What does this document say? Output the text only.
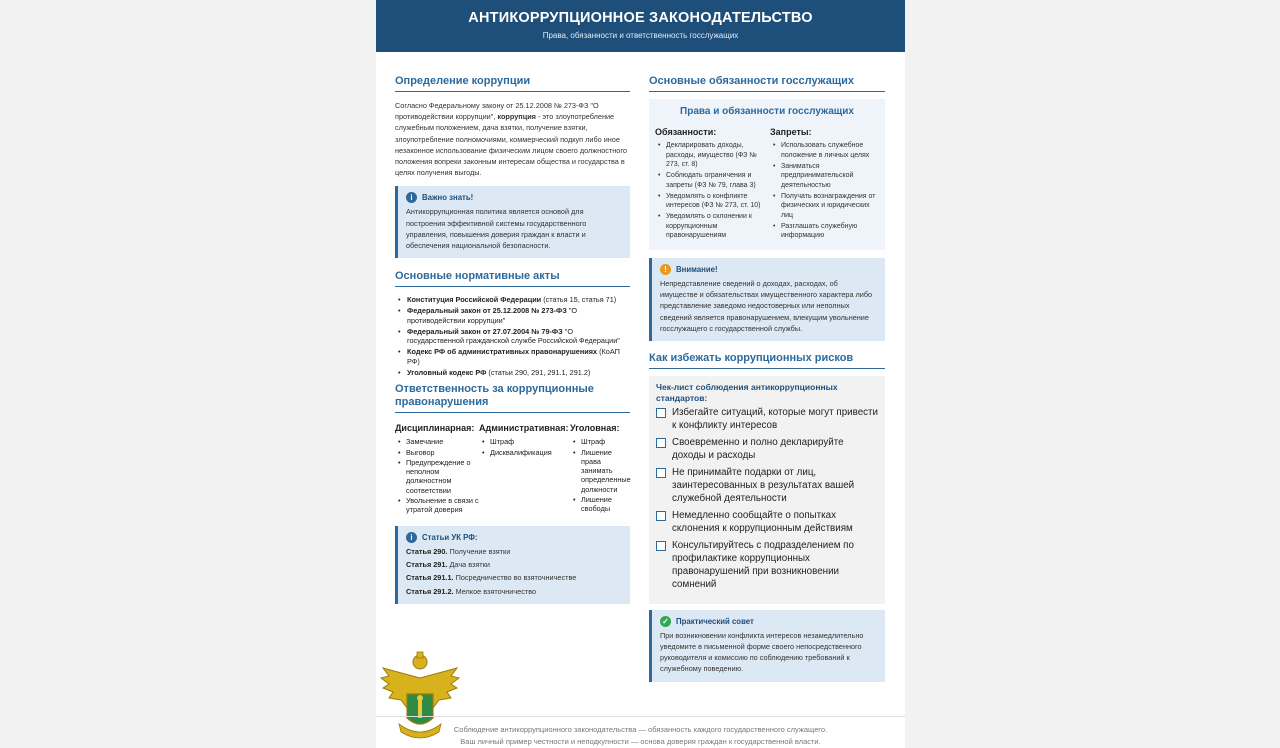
АНТИКОРРУПЦИОННОЕ ЗАКОНОДАТЕЛЬСТВО
Права, обязанности и ответственность госслужащих
Определение коррупции

Согласно Федеральному закону от 25.12.2008 № 273-ФЗ "О противодействии коррупции", коррупция - это злоупотребление служебным положением, дача взятки, получение взятки, злоупотребление полномочиями, коммерческий подкуп либо иное незаконное использование физическим лицом своего должностного положения вопреки законным интересам общества и государства в целях получения выгоды.

i	Важно знать!

Антикоррупционная политика является основой для построения эффективной системы государственного управления, повышения доверия граждан к власти и обеспечения национальной безопасности.

Основные нормативные акты
• Конституция Российской Федерации (статья 15, статья 71)
• Федеральный закон от 25.12.2008 № 273-ФЗ "О противодействии коррупции"
• Федеральный закон от 27.07.2004 № 79-ФЗ "О государственной гражданской службе Российской Федерации"
• Кодекс РФ об административных правонарушениях (КоАП РФ)
• Уголовный кодекс РФ (статьи 290, 291, 291.1, 291.2)
Ответственность за коррупционные правонарушения
Дисциплинарная:
• Замечание
• Выговор
• Предупреждение о неполном должностном соответствии
• Увольнение в связи с утратой доверия
Административная:
• Штраф
• Дисквалификация
Уголовная:
• Штраф
• Лишение права занимать определенные должности
• Лишение свободы
i	Статьи УК РФ:
Статья 290. Получение взятки
Статья 291. Дача взятки
Статья 291.1. Посредничество во взяточничестве
Статья 291.2. Мелкое взяточничество
Основные обязанности госслужащих
Права и обязанности госслужащих
Обязанности:
• Декларировать доходы, расходы, имущество (ФЗ № 273, ст. 8)
• Соблюдать ограничения и запреты (ФЗ № 79, глава 3)
• Уведомлять о конфликте интересов (ФЗ № 273, ст. 10)
• Уведомлять о склонении к коррупционным правонарушениям
Запреты:
• Использовать служебное положение в личных целях
• Заниматься предпринимательской деятельностью
• Получать вознаграждения от физических и юридических лиц
• Разглашать служебную информацию
!	Внимание!

Непредставление сведений о доходах, расходах, об имуществе и обязательствах имущественного характера либо представление заведомо недостоверных или неполных сведений является правонарушением, влекущим увольнение госслужащего с государственной службы.

Как избежать коррупционных рисков
Чек-лист соблюдения антикоррупционных стандартов:
Избегайте ситуаций, которые могут привести к конфликту интересов
Своевременно и полно декларируйте доходы и расходы
Не принимайте подарки от лиц, заинтересованных в результатах вашей служебной деятельности
Немедленно сообщайте о попытках склонения к коррупционным действиям
Консультируйтесь с подразделением по профилактике коррупционных правонарушений при возникновении сомнений
✓ Практический совет

При возникновении конфликта интересов незамедлительно уведомите в письменной форме своего непосредственного руководителя и комиссию по соблюдению требований к служебному поведению.

Соблюдение антикоррупционного законодательства — обязанность каждого государственного служащего.
Ваш личный пример честности и неподкупности — основа доверия граждан к государственной власти.
